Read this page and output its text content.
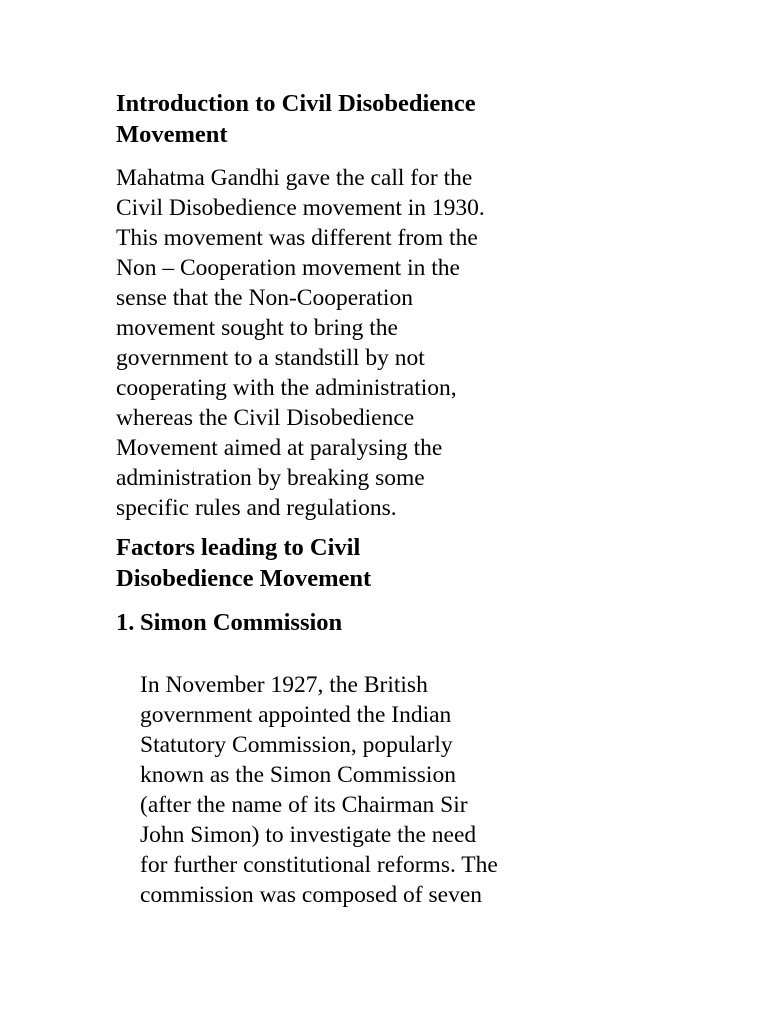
Introduction to Civil Disobedience
Movement

Mahatma Gandhi gave the call for the
Civil Disobedience movement in 1930.
This movement was different from the
Non – Cooperation movement in the
sense that the Non-Cooperation
movement sought to bring the
government to a standstill by not
cooperating with the administration,
whereas the Civil Disobedience
Movement aimed at paralysing the
administration by breaking some
specific rules and regulations.

Factors leading to Civil
Disobedience Movement
1. Simon Commission

In November 1927, the British
government appointed the Indian
Statutory Commission, popularly
known as the Simon Commission
(after the name of its Chairman Sir
John Simon) to investigate the need
for further constitutional reforms. The
commission was composed of seven
